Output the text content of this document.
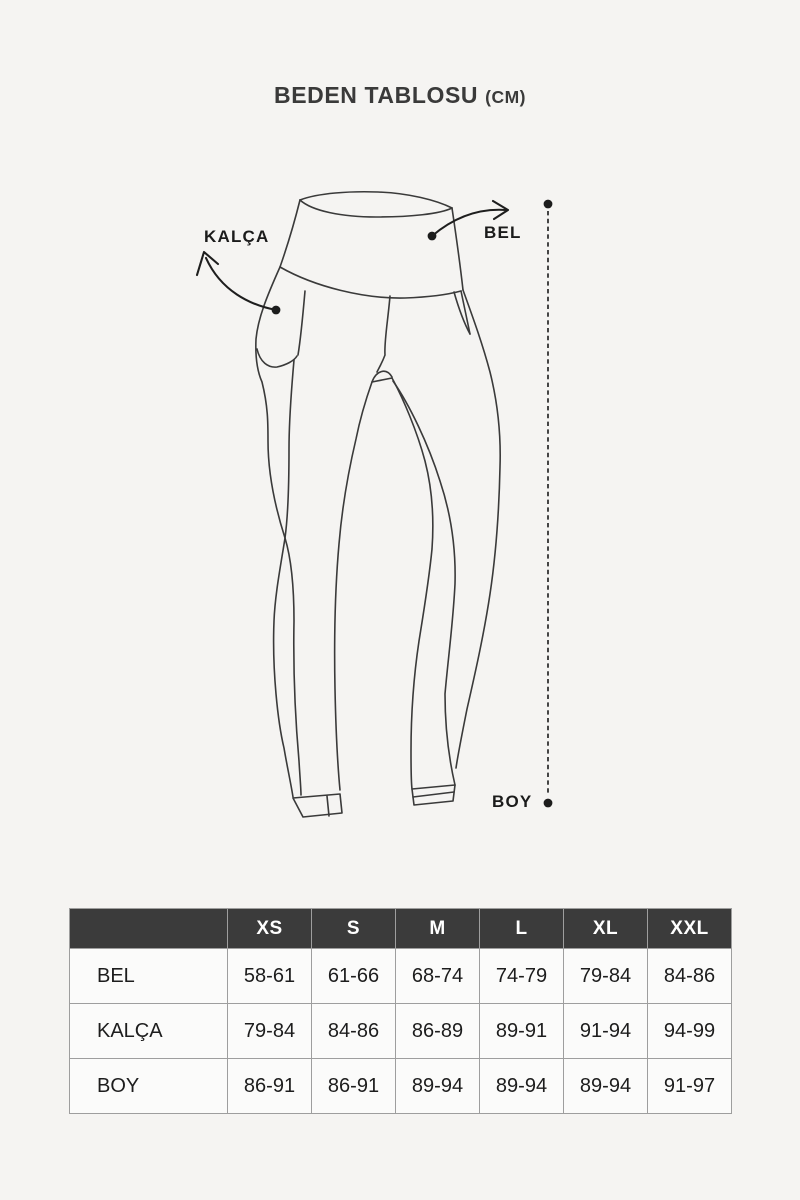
BEDEN TABLOSU (CM)
KALÇA	BEL
BOY
	XS	S	M	L	XL	XXL
BEL	58-61	61-66	68-74	74-79	79-84	84-86
KALÇA	79-84	84-86	86-89	89-91	91-94	94-99
BOY	86-91	86-91	89-94	89-94	89-94	91-97
